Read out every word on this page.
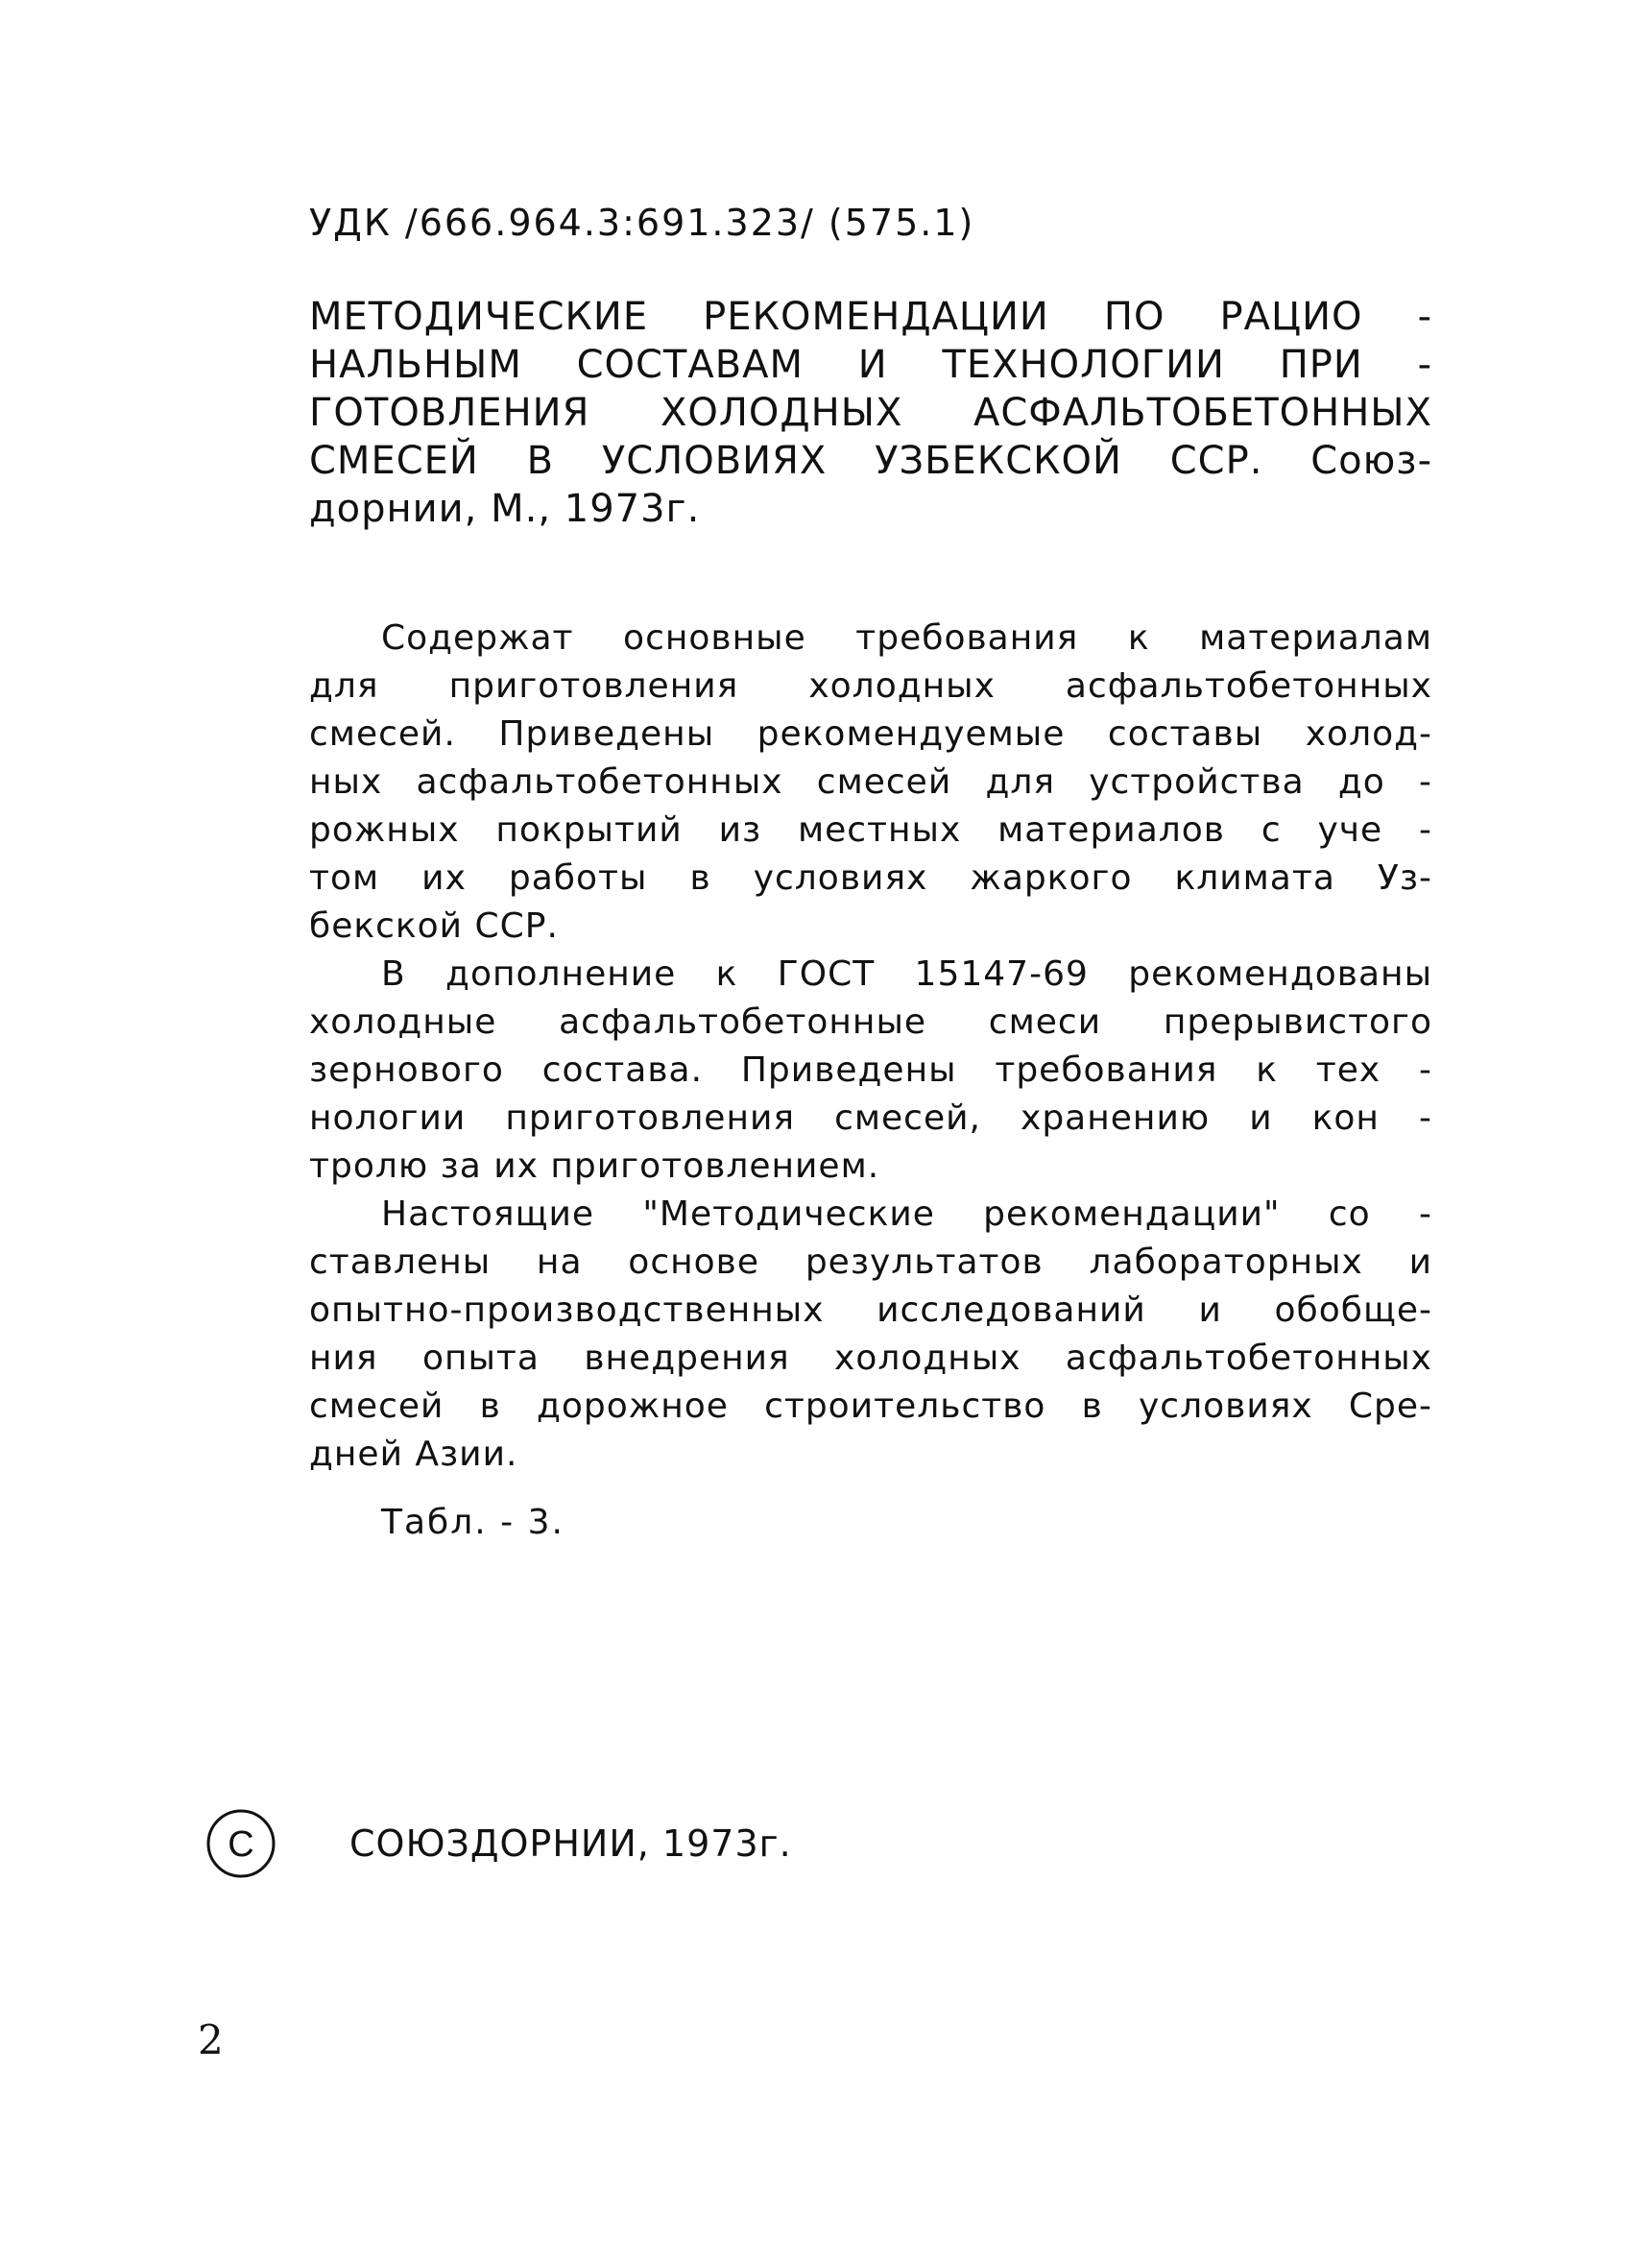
УДК /666.964.3:691.323/ (575.1)
МЕТОДИЧЕСКИЕ РЕКОМЕНДАЦИИ ПО РАЦИО -
НАЛЬНЫМ СОСТАВАМ И ТЕХНОЛОГИИ ПРИ -
ГОТОВЛЕНИЯ ХОЛОДНЫХ АСФАЛЬТОБЕТОННЫХ
СМЕСЕЙ В УСЛОВИЯХ УЗБЕКСКОЙ ССР. Союз-
дорнии, М., 1973г.
Содержат основные требования к материалам
для приготовления холодных асфальтобетонных
смесей. Приведены рекомендуемые составы холод-
ных асфальтобетонных смесей для устройства до -
рожных покрытий из местных материалов с уче -
том их работы в условиях жаркого климата Уз-
бекской ССР.
В дополнение к ГОСТ 15147-69 рекомендованы
холодные асфальтобетонные смеси прерывистого
зернового состава. Приведены требования к тех -
нологии приготовления смесей, хранению и кон -
тролю за их приготовлением.
Настоящие "Методические рекомендации" со -
ставлены на основе результатов лабораторных и
опытно-производственных исследований и обобще-
ния опыта внедрения холодных асфальтобетонных
смесей в дорожное строительство в условиях Сре-
дней Азии.
Табл. - 3.
C	СОЮЗДОРНИИ, 1973г.
2
